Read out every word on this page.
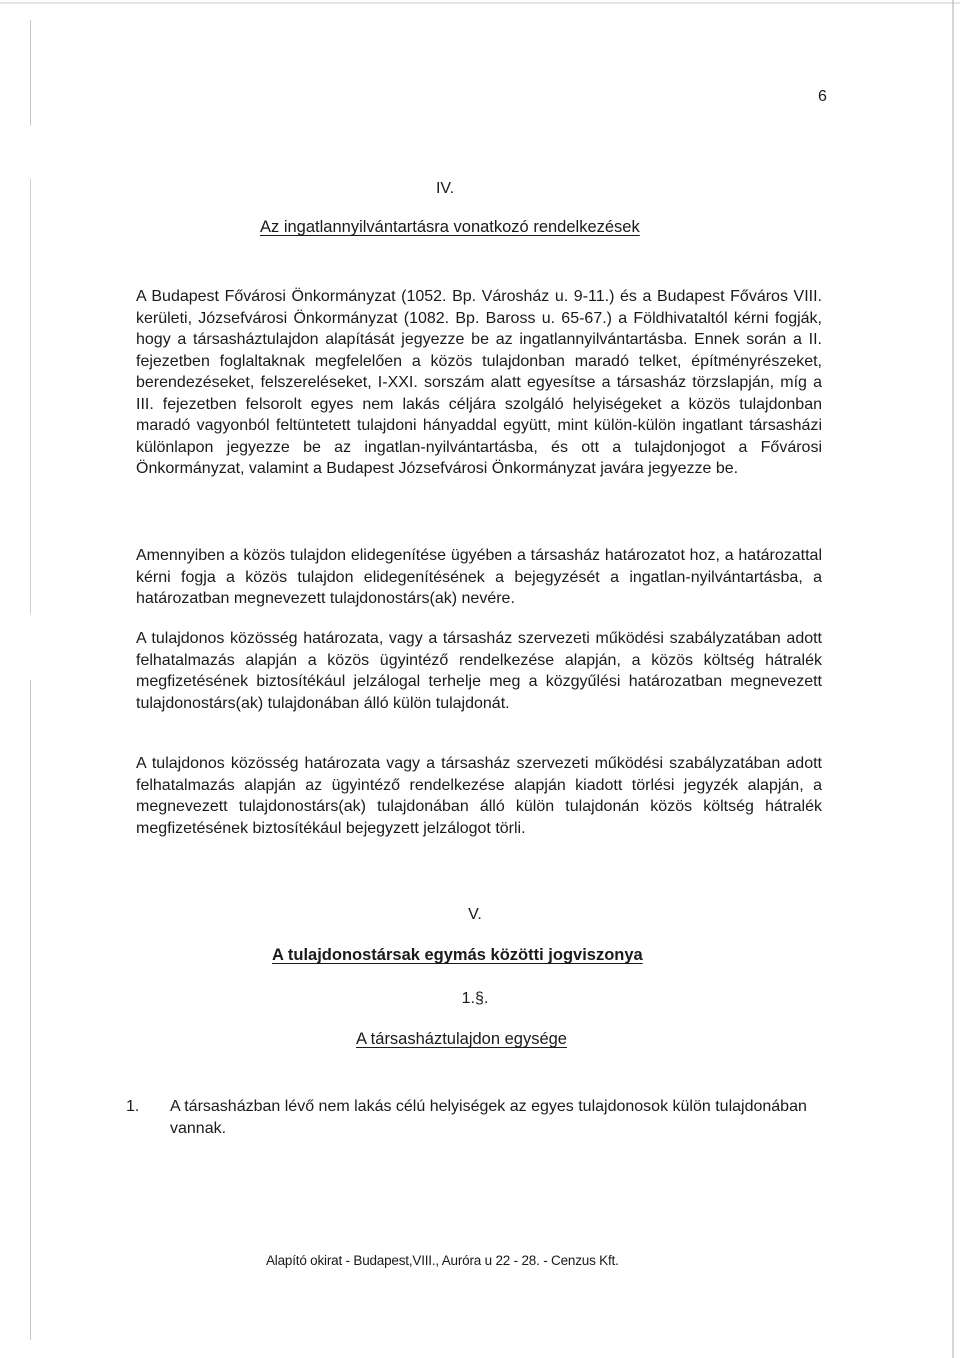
6
IV.
Az ingatlannyilvántartásra vonatkozó rendelkezések
A Budapest Fővárosi Önkormányzat (1052. Bp. Városház u. 9-11.) és a Budapest Főváros VIII. kerületi, Józsefvárosi Önkormányzat (1082. Bp. Baross u. 65-67.) a Földhivataltól kérni fogják, hogy a társasháztulajdon alapítását jegyezze be az ingatlannyilvántartásba. Ennek során a II. fejezetben foglaltaknak megfelelően a közös tulajdonban maradó telket, építményrészeket, berendezéseket, felszereléseket, I-XXI. sorszám alatt egyesítse a társasház törzslapján, míg a III. fejezetben felsorolt egyes nem lakás céljára szolgáló helyiségeket a közös tulajdonban maradó vagyonból feltüntetett tulajdoni hányaddal együtt, mint külön-külön ingatlant társasházi különlapon jegyezze be az ingatlan-nyilvántartásba, és ott a tulajdonjogot a Fővárosi Önkormányzat, valamint a Budapest Józsefvárosi Önkormányzat javára jegyezze be.
Amennyiben a közös tulajdon elidegenítése ügyében a társasház határozatot hoz, a határozattal kérni fogja a közös tulajdon elidegenítésének a bejegyzését a ingatlan-nyilvántartásba, a határozatban megnevezett tulajdonostárs(ak) nevére.
A tulajdonos közösség határozata, vagy a társasház szervezeti működési szabályzatában adott felhatalmazás alapján a közös ügyintéző rendelkezése alapján, a közös költség hátralék megfizetésének biztosítékául jelzálogal terhelje meg a közgyűlési határozatban megnevezett tulajdonostárs(ak) tulajdonában álló külön tulajdonát.
A tulajdonos közösség határozata vagy a társasház szervezeti működési szabályzatában adott felhatalmazás alapján az ügyintéző rendelkezése alapján kiadott törlési jegyzék alapján, a megnevezett tulajdonostárs(ak) tulajdonában álló külön tulajdonán közös költség hátralék megfizetésének biztosítékául bejegyzett jelzálogot törli.
V.
A tulajdonostársak egymás közötti jogviszonya
1.§.
A társasháztulajdon egysége
1. A társasházban lévő nem lakás célú helyiségek az egyes tulajdonosok külön tulajdonában vannak.
Alapító okirat - Budapest,VIII., Auróra u 22 - 28. - Cenzus Kft.
